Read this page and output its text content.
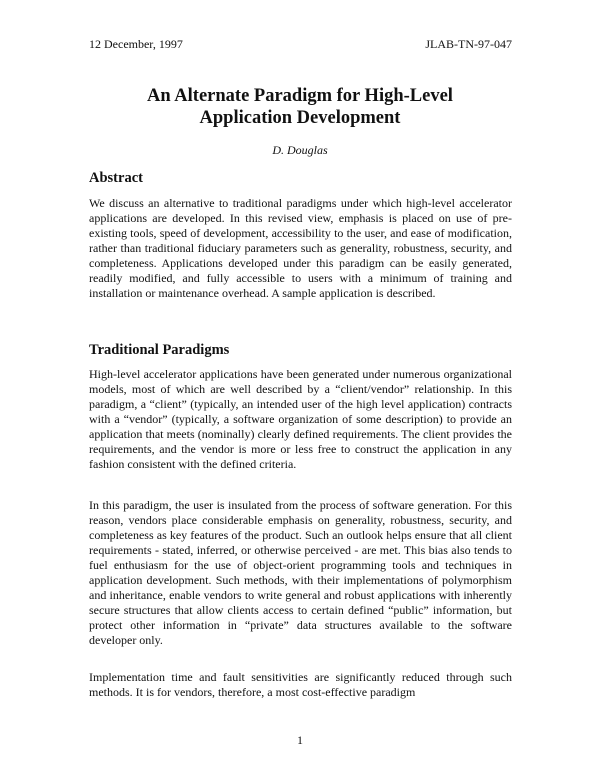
12 December, 1997	JLAB-TN-97-047
An Alternate Paradigm for High-Level
Application Development
D. Douglas
Abstract
We discuss an alternative to traditional paradigms under which high-level accelerator applications are developed. In this revised view, emphasis is placed on use of pre-existing tools, speed of development, accessibility to the user, and ease of modification, rather than traditional fiduciary parameters such as generality, robustness, security, and completeness. Applications developed under this paradigm can be easily generated, readily modified, and fully accessible to users with a minimum of training and installation or maintenance overhead. A sample application is described.
Traditional Paradigms
High-level accelerator applications have been generated under numerous organizational models, most of which are well described by a “client/vendor” relationship. In this paradigm, a “client” (typically, an intended user of the high level application) contracts with a “vendor” (typically, a software organization of some description) to provide an application that meets (nominally) clearly defined requirements. The client provides the requirements, and the vendor is more or less free to construct the application in any fashion consistent with the defined criteria.
In this paradigm, the user is insulated from the process of software generation. For this reason, vendors place considerable emphasis on generality, robustness, security, and completeness as key features of the product. Such an outlook helps ensure that all client requirements - stated, inferred, or otherwise perceived - are met. This bias also tends to fuel enthusiasm for the use of object-orient programming tools and techniques in application development. Such methods, with their implementations of polymorphism and inheritance, enable vendors to write general and robust applications with inherently secure structures that allow clients access to certain defined “public” information, but protect other information in “private” data structures available to the software developer only.
Implementation time and fault sensitivities are significantly reduced through such methods. It is for vendors, therefore, a most cost-effective paradigm
1
